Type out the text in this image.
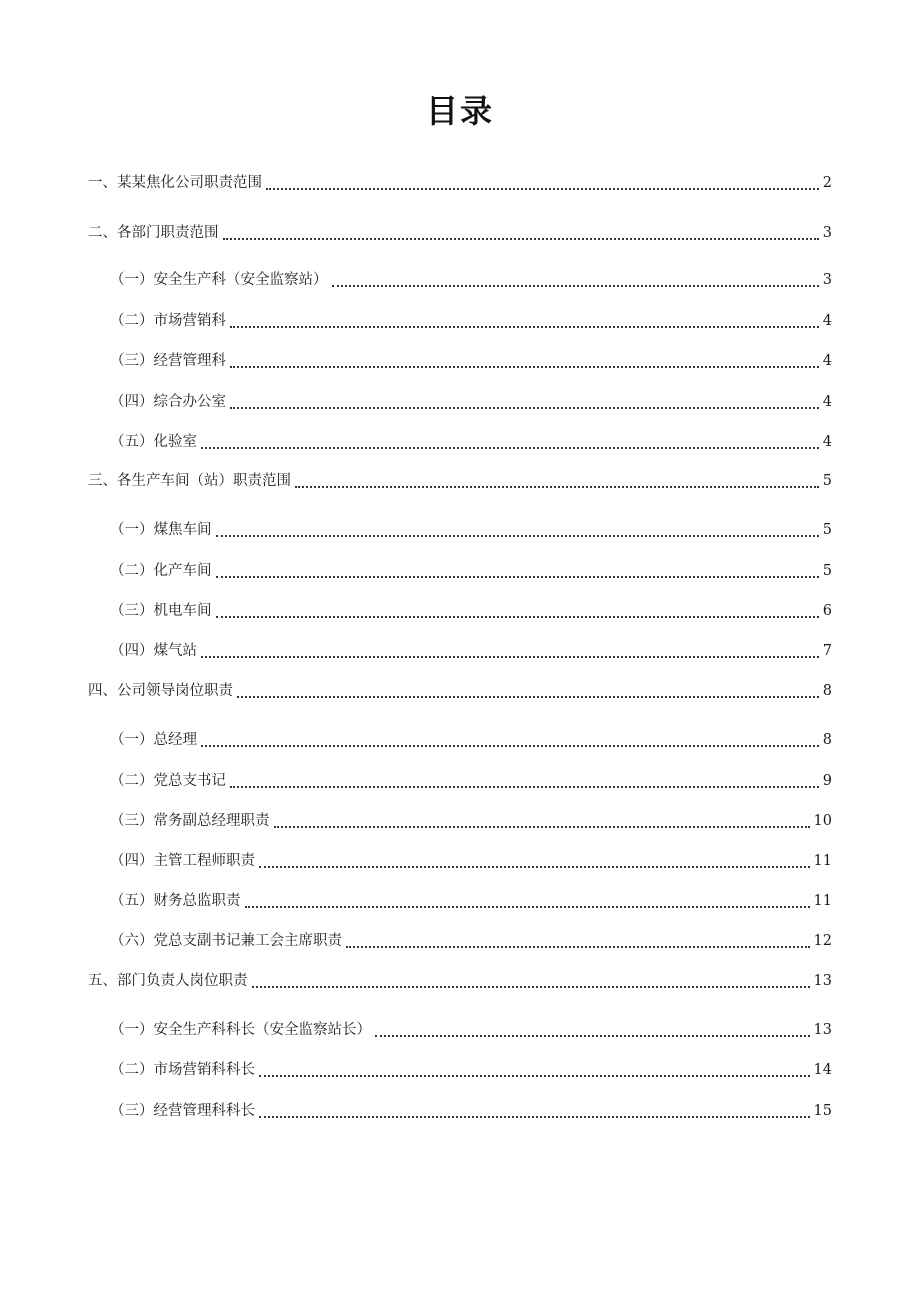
目录
一、某某焦化公司职责范围	2
二、各部门职责范围	3
（一）安全生产科（安全监察站）	3
（二）市场营销科	4
（三）经营管理科	4
（四）综合办公室	4
（五）化验室	4
三、各生产车间（站）职责范围	5
（一）煤焦车间	5
（二）化产车间	5
（三）机电车间	6
（四）煤气站	7
四、公司领导岗位职责	8
（一）总经理	8
（二）党总支书记	9
（三）常务副总经理职责	10
（四）主管工程师职责	11
（五）财务总监职责	11
（六）党总支副书记兼工会主席职责	12
五、部门负责人岗位职责	13
（一）安全生产科科长（安全监察站长）	13
（二）市场营销科科长	14
（三）经营管理科科长	15
